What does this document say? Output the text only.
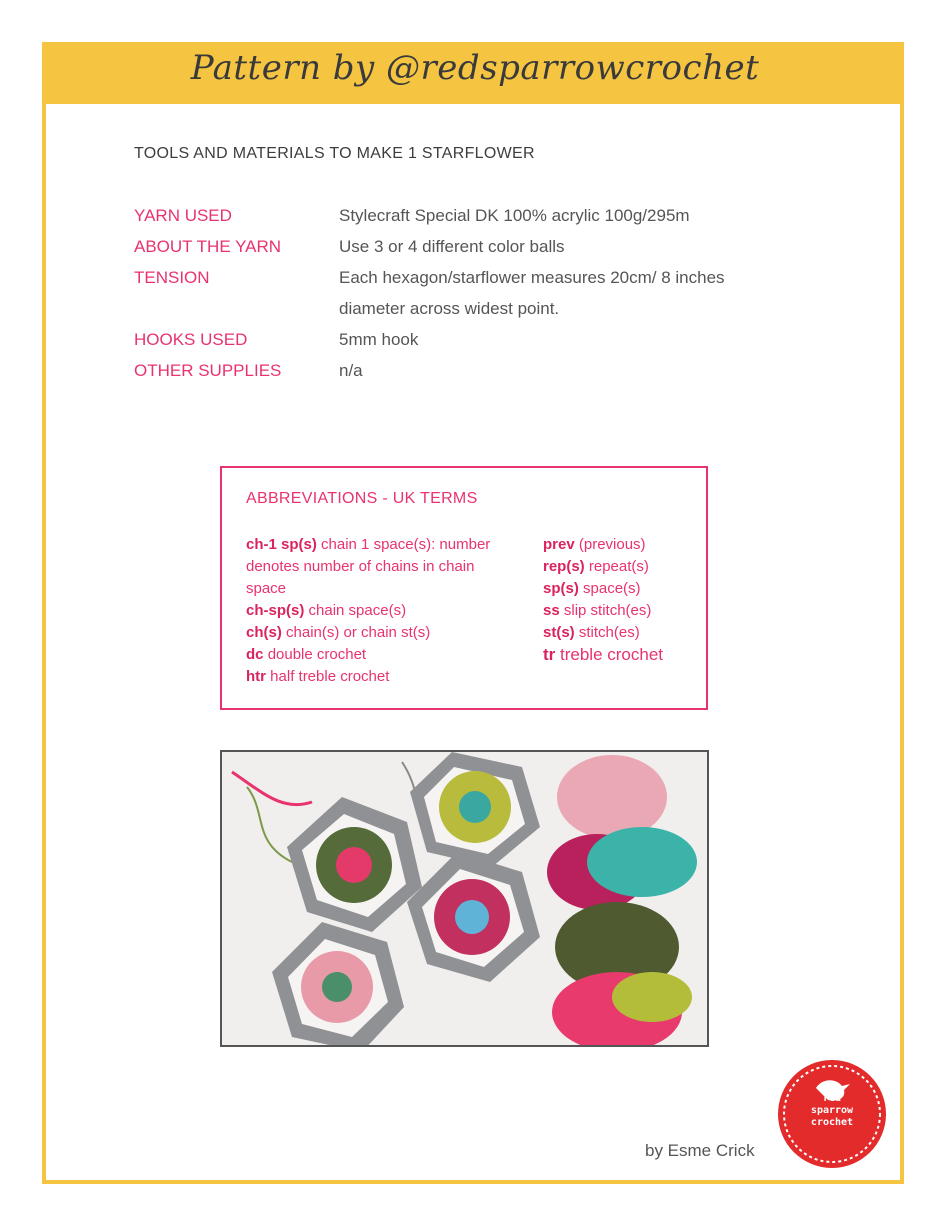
Pattern by @redsparrowcrochet
TOOLS AND MATERIALS TO MAKE 1 STARFLOWER
YARN USED	Stylecraft Special DK 100% acrylic 100g/295m
ABOUT THE YARN	Use 3 or 4 different color balls
TENSION	Each hexagon/starflower measures 20cm/ 8 inches
diameter across widest point.
HOOKS USED	5mm hook
OTHER SUPPLIES	n/a
ABBREVIATIONS - UK TERMS

ch-1 sp(s) chain 1 space(s): number denotes number of chains in chain space

ch-sp(s) chain space(s)

ch(s) chain(s) or chain st(s)

dc double crochet

htr half treble crochet

prev (previous)

rep(s) repeat(s)

sp(s) space(s)

ss slip stitch(es)

st(s) stitch(es)

tr treble crochet

by Esme Crick
red
sparrow
crochet
